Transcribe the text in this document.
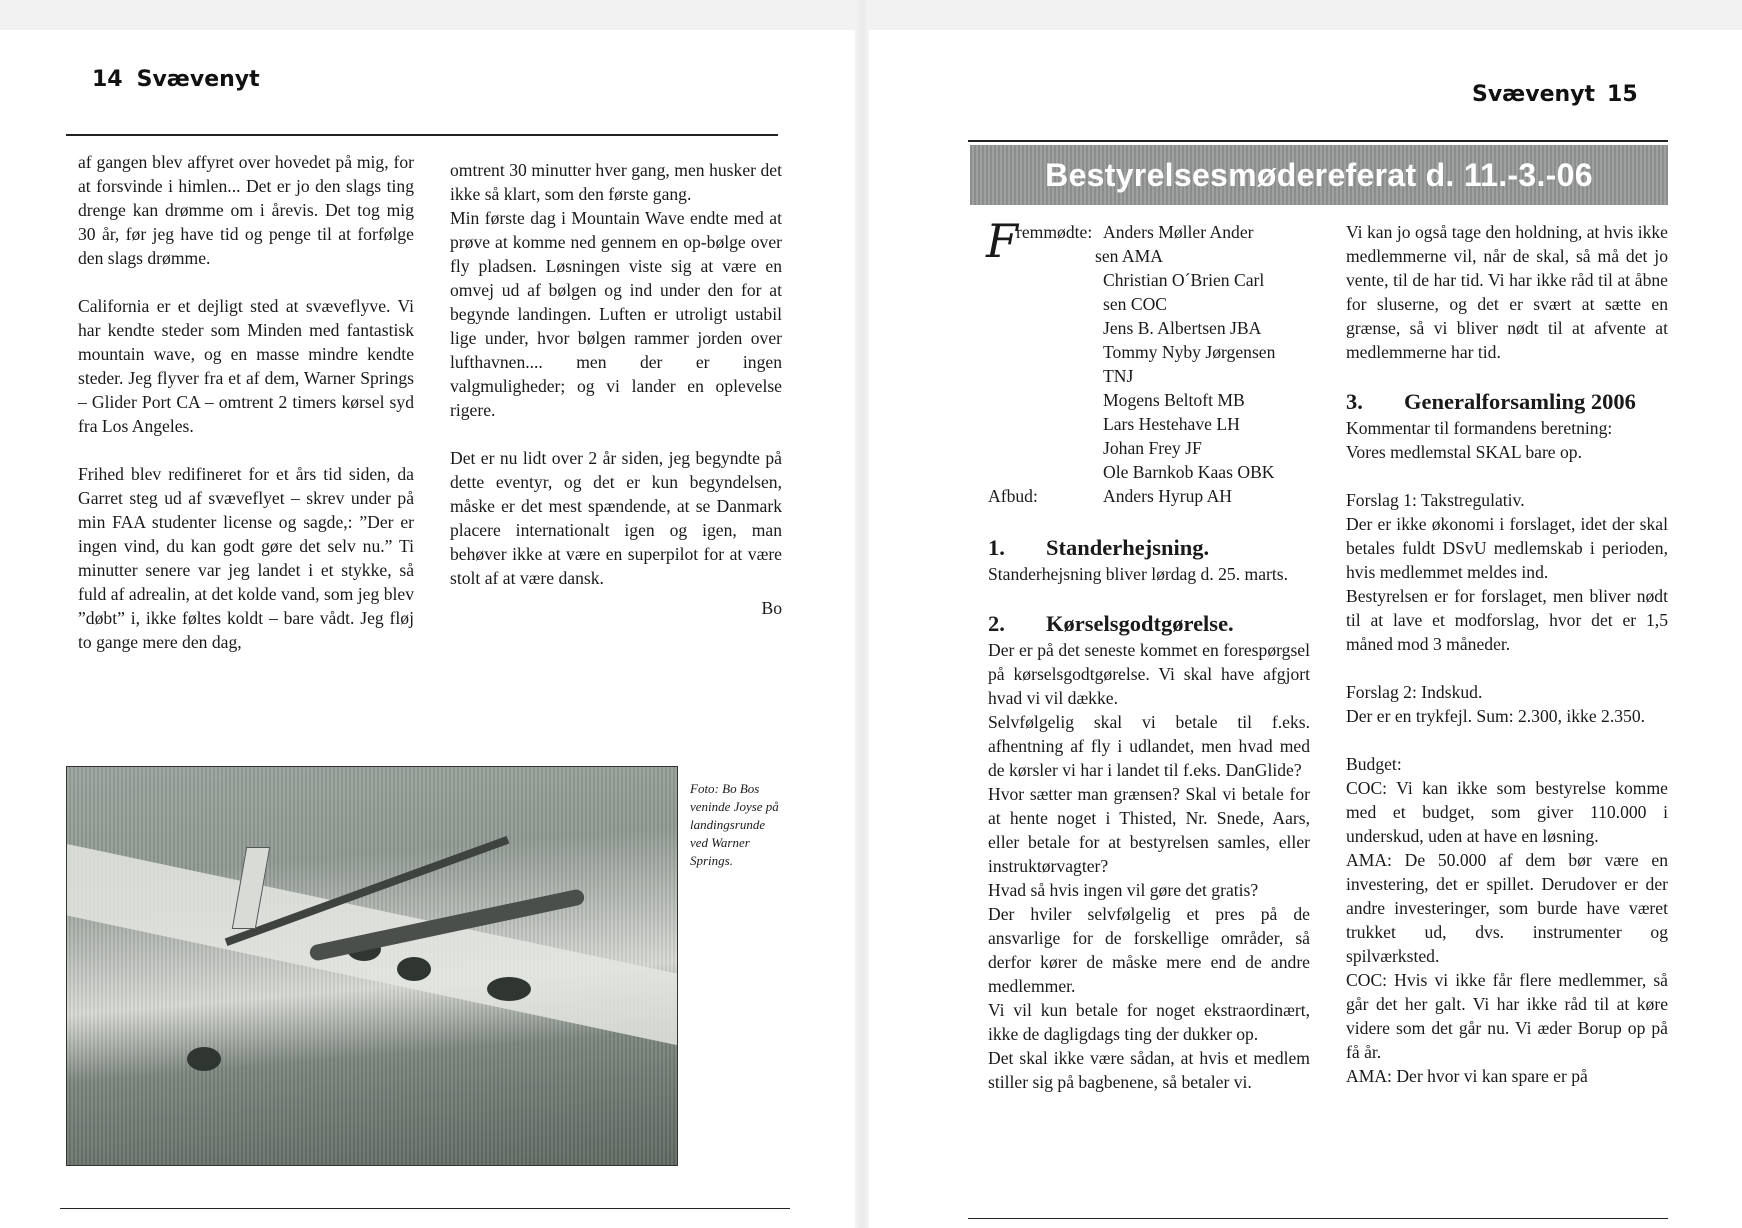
14 Svævenyt

af gangen blev affyret over hovedet på mig, for at forsvinde i himlen... Det er jo den slags ting drenge kan drømme om i årevis. Det tog mig 30 år, før jeg have tid og penge til at forfølge den slags drømme.

California er et dejligt sted at svæveflyve. Vi har kendte steder som Minden med fantastisk mountain wave, og en masse mindre kendte steder. Jeg flyver fra et af dem, Warner Springs – Glider Port CA – omtrent 2 timers kørsel syd fra Los Angeles.

Frihed blev redifineret for et års tid siden, da Garret steg ud af svæveflyet – skrev under på min FAA studenter license og sagde,: ”Der er ingen vind, du kan godt gøre det selv nu.” Ti minutter senere var jeg landet i et stykke, så fuld af adrealin, at det kolde vand, som jeg blev ”døbt” i, ikke føltes koldt – bare vådt. Jeg fløj to gange mere den dag,

omtrent 30 minutter hver gang, men husker det ikke så klart, som den første gang.

Min første dag i Mountain Wave endte med at prøve at komme ned gennem en op-bølge over fly pladsen. Løsningen viste sig at være en omvej ud af bølgen og ind under den for at begynde landingen. Luften er utroligt ustabil lige under, hvor bølgen rammer jorden over lufthavnen.... men der er ingen valgmuligheder; og vi lander en oplevelse rigere.

Det er nu lidt over 2 år siden, jeg begyndte på dette eventyr, og det er kun begyndelsen, måske er det mest spændende, at se Danmark placere internationalt igen og igen, man behøver ikke at være en superpilot for at være stolt af at være dansk.

Bo
Foto: Bo Bos veninde Joyse på landingsrunde ved Warner Springs.
Svævenyt 15
Bestyrelsesmødereferat d. 11.-3.-06
F
remmødte: Anders Møller Ander
sen AMA
Christian O´Brien Carl
sen COC
Jens B. Albertsen JBA
Tommy Nyby Jørgensen
TNJ
Mogens Beltoft MB
Lars Hestehave LH
Johan Frey JF
Ole Barnkob Kaas OBK
Afbud:	Anders Hyrup AH
1. Standerhejsning.

Standerhejsning bliver lørdag d. 25. marts.

2. Kørselsgodtgørelse.

Der er på det seneste kommet en forespørgsel på kørselsgodtgørelse. Vi skal have afgjort hvad vi vil dække.

Selvfølgelig skal vi betale til f.eks. afhentning af fly i udlandet, men hvad med de kørsler vi har i landet til f.eks. DanGlide?

Hvor sætter man grænsen? Skal vi betale for at hente noget i Thisted, Nr. Snede, Aars, eller betale for at bestyrelsen samles, eller instruktørvagter?

Hvad så hvis ingen vil gøre det gratis?

Der hviler selvfølgelig et pres på de ansvarlige for de forskellige områder, så derfor kører de måske mere end de andre medlemmer.

Vi vil kun betale for noget ekstraordinært, ikke de dagligdags ting der dukker op.

Det skal ikke være sådan, at hvis et medlem stiller sig på bagbenene, så betaler vi.

Vi kan jo også tage den holdning, at hvis ikke medlemmerne vil, når de skal, så må det jo vente, til de har tid. Vi har ikke råd til at åbne for sluserne, og det er svært at sætte en grænse, så vi bliver nødt til at afvente at medlemmerne har tid.

3. Generalforsamling 2006

Kommentar til formandens beretning:

Vores medlemstal SKAL bare op.

Forslag 1: Takstregulativ.

Der er ikke økonomi i forslaget, idet der skal betales fuldt DSvU medlemskab i perioden, hvis medlemmet meldes ind.

Bestyrelsen er for forslaget, men bliver nødt til at lave et modforslag, hvor det er 1,5 måned mod 3 måneder.

Forslag 2: Indskud.

Der er en trykfejl. Sum: 2.300, ikke 2.350.

Budget:

COC: Vi kan ikke som bestyrelse komme med et budget, som giver 110.000 i underskud, uden at have en løsning.

AMA: De 50.000 af dem bør være en investering, det er spillet. Derudover er der andre investeringer, som burde have været trukket ud, dvs. instrumenter og spilværksted.

COC: Hvis vi ikke får flere medlemmer, så går det her galt. Vi har ikke råd til at køre videre som det går nu. Vi æder Borup op på få år.

AMA: Der hvor vi kan spare er på
